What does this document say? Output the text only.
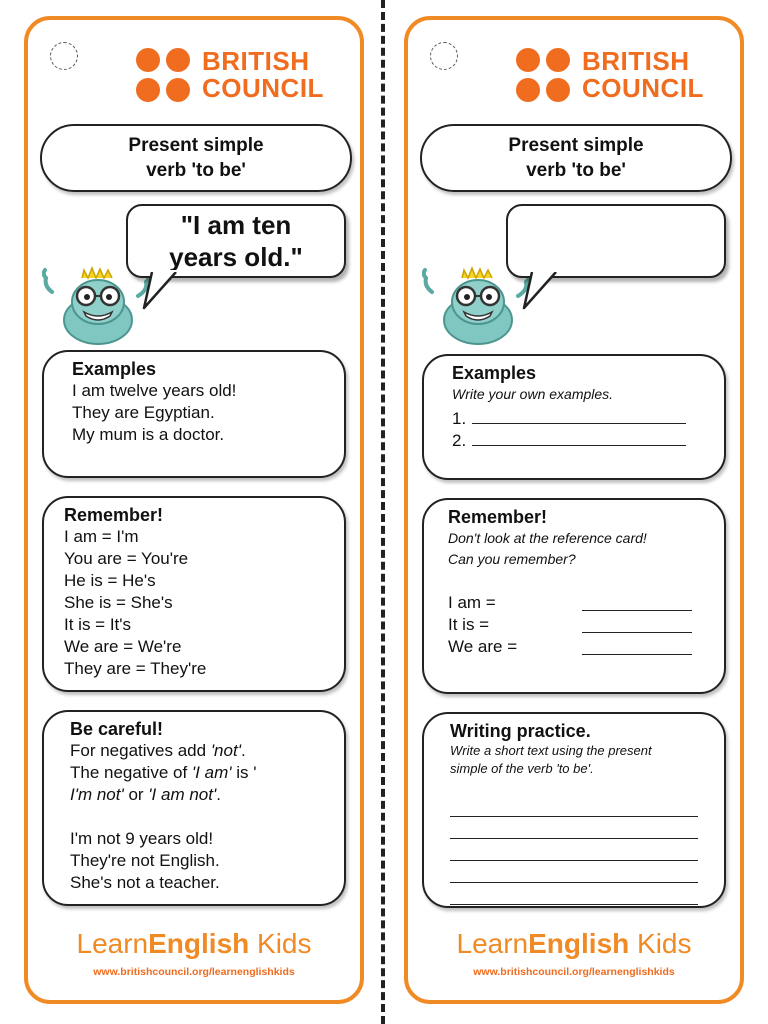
BRITISH
COUNCIL
Present simple
verb 'to be'
"I am ten
years old."
Examples
I am twelve years old!
They are Egyptian.
My mum is a doctor.
Remember!
I am = I'm
You are = You're
He is = He's
She is = She's
It is = It's
We are = We're
They are = They're
Be careful!
For negatives add 'not'.
The negative of 'I am' is '
I'm not' or 'I am not'.
I'm not 9 years old!
They're not English.
She's not a teacher.
LearnEnglish Kids
www.britishcouncil.org/learnenglishkids
BRITISH
COUNCIL
Present simple
verb 'to be'
Examples
Write your own examples.
1.
2.
Remember!
Don't look at the reference card!
Can you remember?
I am =
It is =
We are =
Writing practice.
Write a short text using the present
simple of the verb 'to be'.
LearnEnglish Kids
www.britishcouncil.org/learnenglishkids
